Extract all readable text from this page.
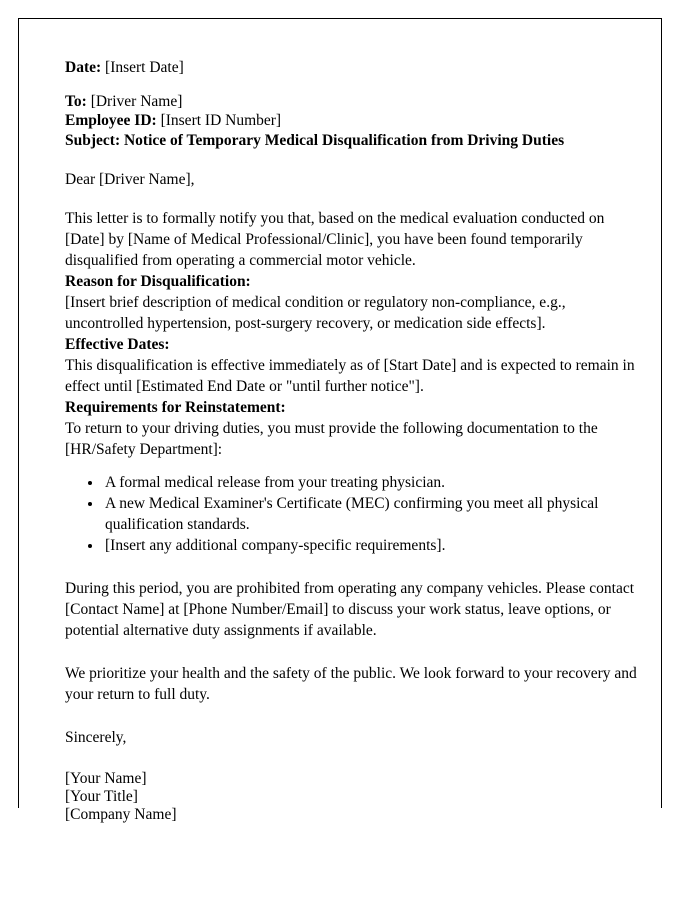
Date: [Insert Date]

To: [Driver Name]

Employee ID: [Insert ID Number]

Subject: Notice of Temporary Medical Disqualification from Driving Duties

Dear [Driver Name],

This letter is to formally notify you that, based on the medical evaluation conducted on [Date] by [Name of Medical Professional/Clinic], you have been found temporarily disqualified from operating a commercial motor vehicle.

Reason for Disqualification:

[Insert brief description of medical condition or regulatory non-compliance, e.g., uncontrolled hypertension, post-surgery recovery, or medication side effects].

Effective Dates:

This disqualification is effective immediately as of [Start Date] and is expected to remain in effect until [Estimated End Date or "until further notice"].

Requirements for Reinstatement:

To return to your driving duties, you must provide the following documentation to the [HR/Safety Department]:

• A formal medical release from your treating physician.
• A new Medical Examiner's Certificate (MEC) confirming you meet all physical qualification standards.
• [Insert any additional company-specific requirements].

During this period, you are prohibited from operating any company vehicles. Please contact [Contact Name] at [Phone Number/Email] to discuss your work status, leave options, or potential alternative duty assignments if available.

We prioritize your health and the safety of the public. We look forward to your recovery and your return to full duty.

Sincerely,

[Your Name]

[Your Title]

[Company Name]
